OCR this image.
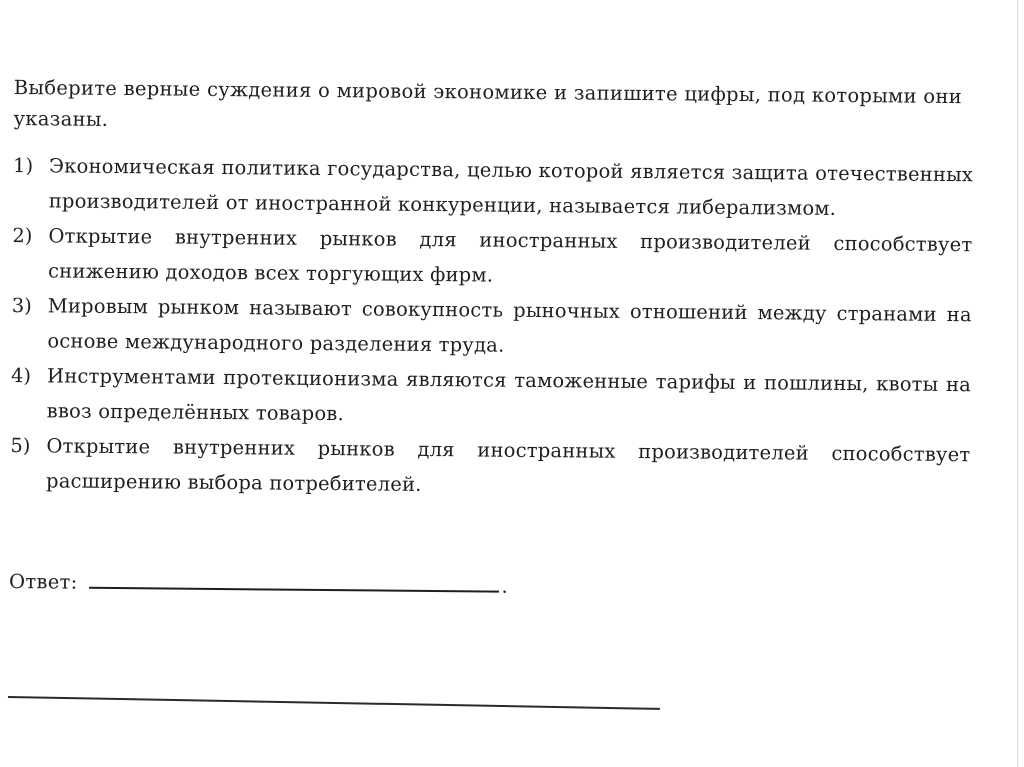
Выберите верные суждения о мировой экономике и запишите цифры, под которыми они указаны.

1) Экономическая политика государства, целью которой является защита отечественных производителей от иностранной конкуренции, называется либерализмом.
2) Открытие внутренних рынков для иностранных производителей способствует снижению доходов всех торгующих фирм.
3) Мировым рынком называют совокупность рыночных отношений между странами на основе международного разделения труда.
4) Инструментами протекционизма являются таможенные тарифы и пошлины, квоты на ввоз определённых товаров.
5) Открытие внутренних рынков для иностранных производителей способствует расширению выбора потребителей.
Ответ:	.
